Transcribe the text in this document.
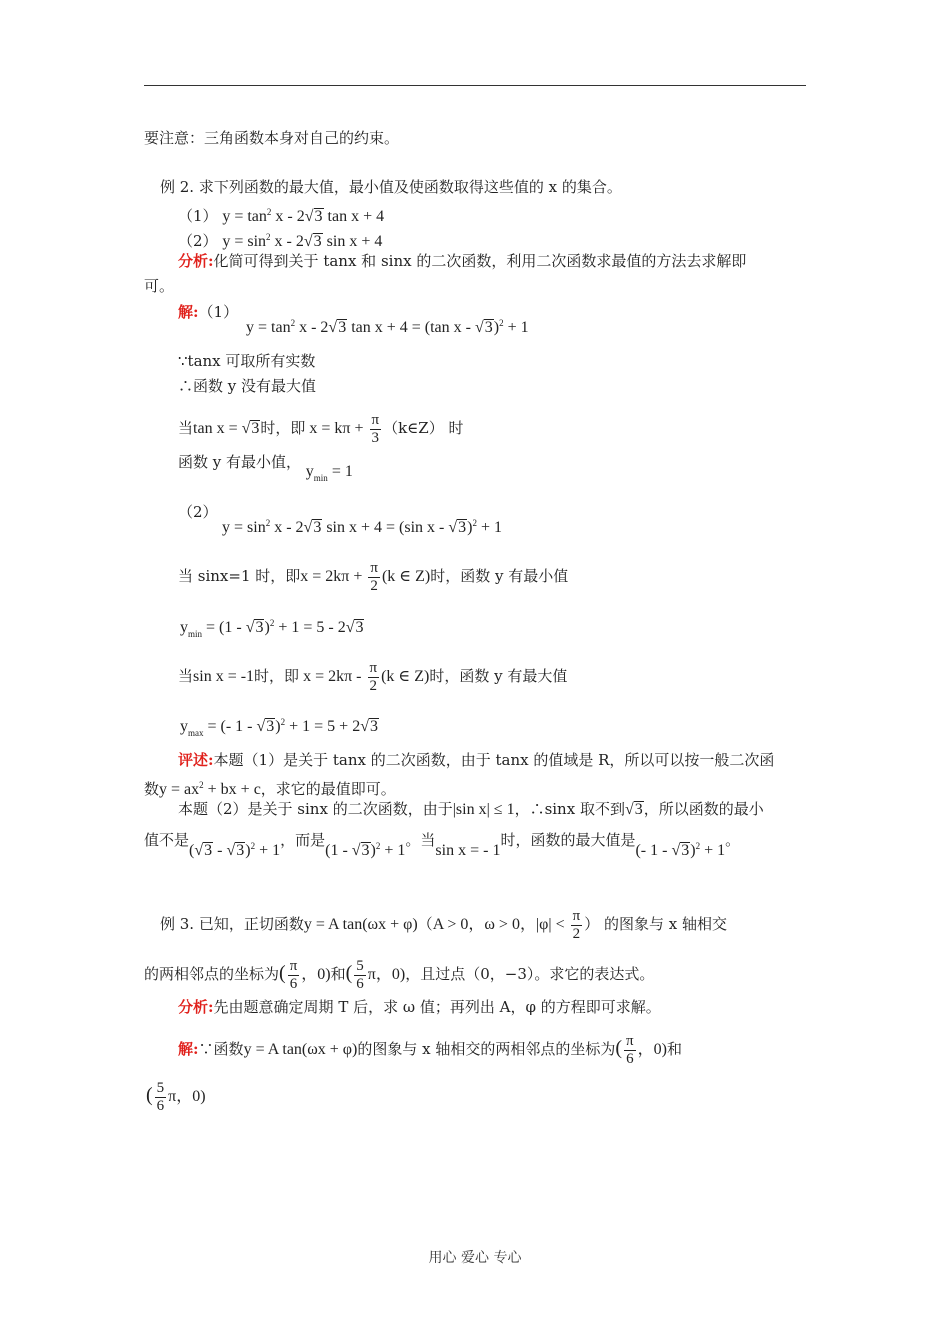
要注意：三角函数本身对自己的约束。
例 2. 求下列函数的最大值，最小值及使函数取得这些值的 x 的集合。
（1） $y = \tan^2 x - 2√3$ tan x + 4
（2） $y = \sin^2 x - 2√3$ sin x + 4
分析:化简可得到关于 tanx 和 sinx 的二次函数，利用二次函数求最值的方法去求解即
可。
解:（1）
$y = \tan^2 x - 2√3$ tan x + 4 = (tan x - √3)$^2$ + 1
∵tanx 可取所有实数
∴函数 y 没有最大值
当tan x = √3时，即 $x = k\pi + \frac{\pi}{3}$ （k∈Z） 时
函数 y 有最小值， $y_{min} = 1$
（2）
$y = \sin^2 x - 2√3$ sin x + 4 = (sin x - √3)$^2$ + 1
当 sinx=1 时，即$x = 2k\pi + \frac{\pi}{2} (k$ ∈ Z)时，函数 y 有最小值
$y_{min} = (1 - √3)^2 + 1 = 5 - 2√3$
当sin x = -1时，即 $x = 2k\pi - \frac{\pi}{2} (k$ ∈ Z)时，函数 y 有最大值
$y_{max}$ = (- 1 - √3)$^2$ + 1 = 5 + 2√3
评述:本题（1）是关于 tanx 的二次函数，由于 tanx 的值域是 R，所以可以按一般二次函
数$y = ax^2$ + bx + c，求它的最值即可。
本题（2）是关于 sinx 的二次函数，由于|sin x| ≤ 1，∴sinx 取不到√3，所以函数的最小
值不是(√3 - √3)$^2$ + 1，而是(1 - √3)$^2$ + 1。当sin x = - 1时，函数的最大值是(- 1 - √3)$^2$ + 1。
例 3. 已知，正切函数y = A tan(ωx + φ)（A > 0，ω > 0，$|\varphi| < \frac{\pi}{2}$ ） 的图象与 x 轴相交
的两相邻点的坐标为( $\frac{\pi}{6}$ ，0)和( $\frac{5}{6}$ π，0)，且过点（0，−3）。求它的表达式。
分析:先由题意确定周期 T 后，求 ω 值；再列出 A，φ 的方程即可求解。
解:∵函数y = A tan(ωx + φ)的图象与 x 轴相交的两相邻点的坐标为( $\frac{\pi}{6}$ ，0)和
( $\frac{5}{6}$ π，0)
用心 爱心 专心
